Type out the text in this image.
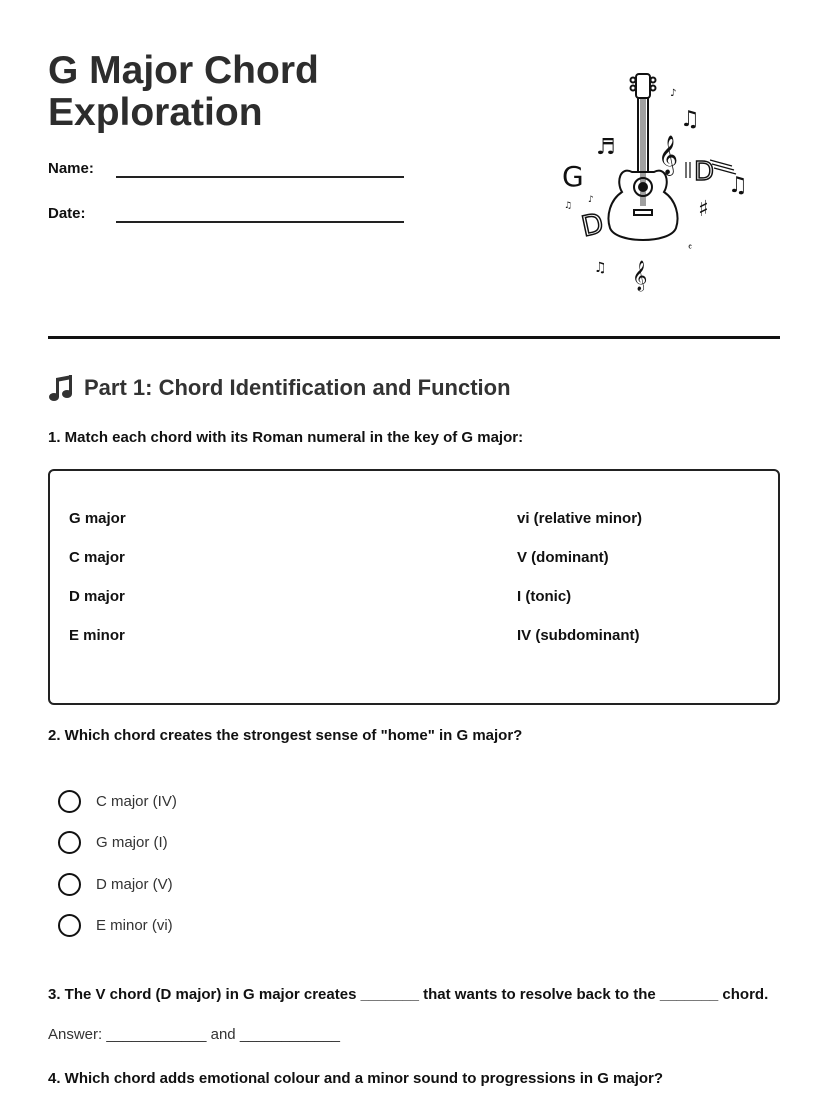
G Major Chord
Exploration
Name:
Date:
G
D
D
♬
♫
♪
𝄞
𝄞
♫
♯
♫
♫
♪
𝄴
Part 1: Chord Identification and Function

1. Match each chord with its Roman numeral in the key of G major:

G major
C major
D major
E minor
vi (relative minor)
V (dominant)
I (tonic)
IV (subdominant)

2. Which chord creates the strongest sense of "home" in G major?

C major (IV)
G major (I)
D major (V)
E minor (vi)

3. The V chord (D major) in G major creates _______ that wants to resolve back to the _______ chord.

Answer: ____________ and ____________

4. Which chord adds emotional colour and a minor sound to progressions in G major?
